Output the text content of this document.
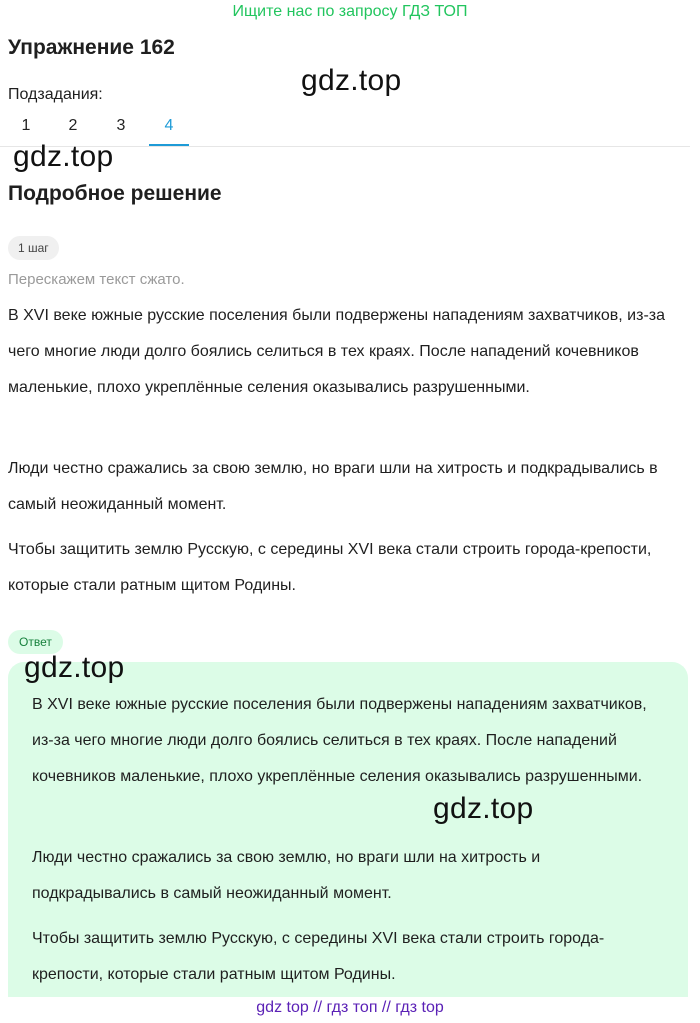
Ищите нас по запросу ГДЗ ТОП
Упражнение 162
gdz.top
Подзадания:
1	2	3	4
gdz.top
Подробное решение
1 шаг
Перескажем текст сжато.
В XVI веке южные русские поселения были подвержены нападениям захватчиков, из-за чего многие люди долго боялись селиться в тех краях. После нападений кочевников маленькие, плохо укреплённые селения оказывались разрушенными.
Люди честно сражались за свою землю, но враги шли на хитрость и подкрадывались в самый неожиданный момент.
Чтобы защитить землю Русскую, с середины XVI века стали строить города-крепости, которые стали ратным щитом Родины.
Ответ
gdz.top
В XVI веке южные русские поселения были подвержены нападениям захватчиков, из-за чего многие люди долго боялись селиться в тех краях. После нападений кочевников маленькие, плохо укреплённые селения оказывались разрушенными.
Люди честно сражались за свою землю, но враги шли на хитрость и подкрадывались в самый неожиданный момент.
Чтобы защитить землю Русскую, с середины XVI века стали строить города-крепости, которые стали ратным щитом Родины.
gdz.top
gdz top // гдз топ // гдз top
